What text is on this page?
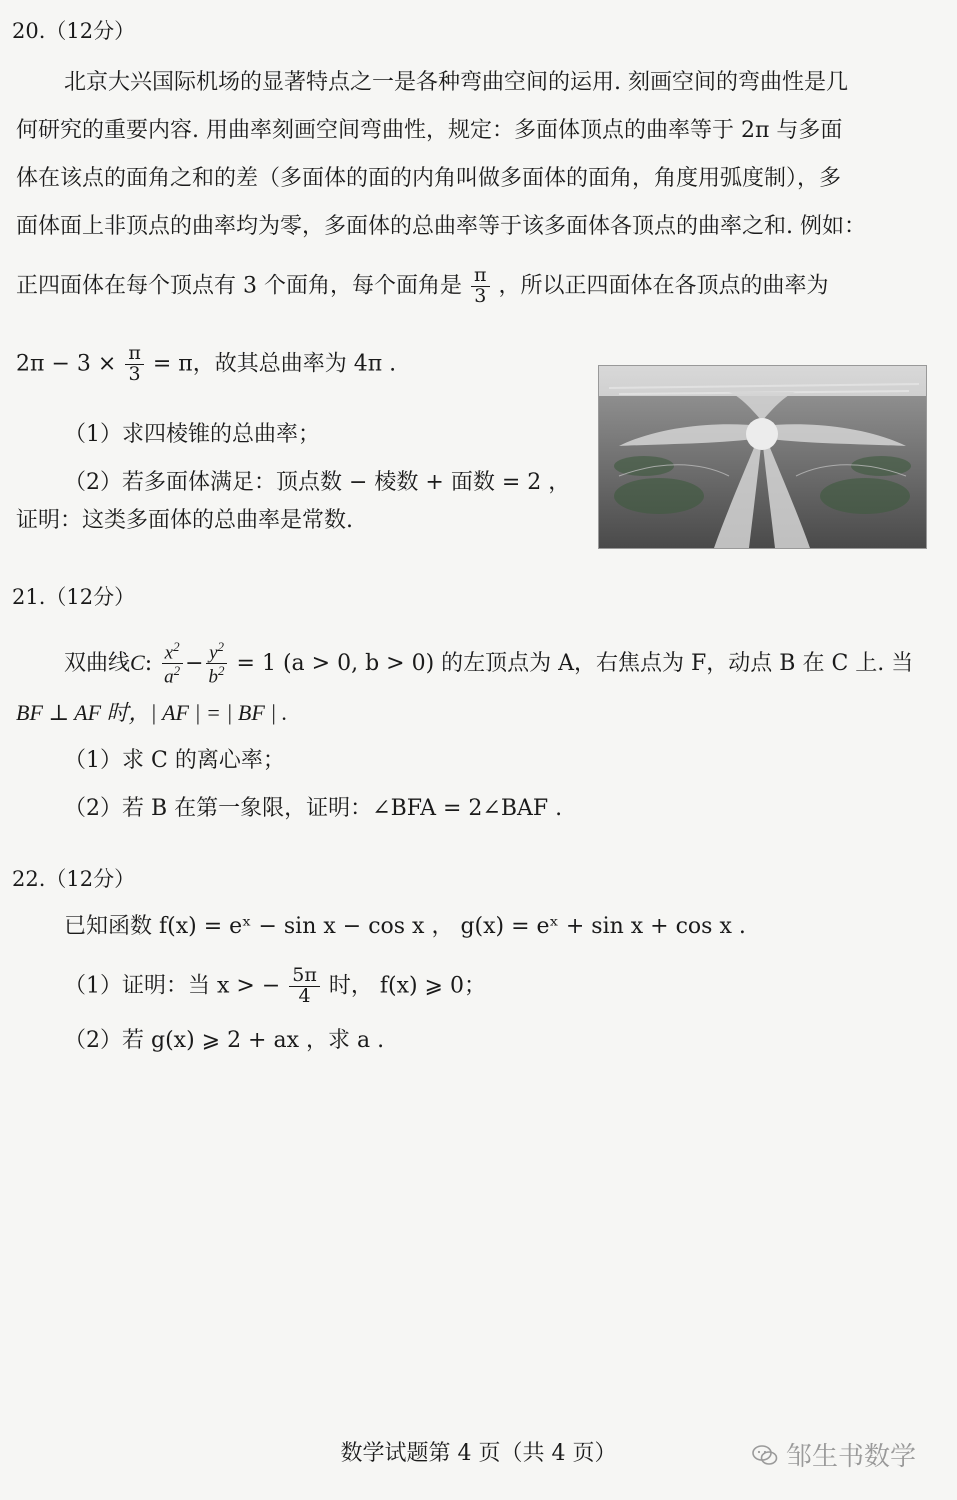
20.（12分）
北京大兴国际机场的显著特点之一是各种弯曲空间的运用. 刻画空间的弯曲性是几
何研究的重要内容. 用曲率刻画空间弯曲性，规定：多面体顶点的曲率等于 2π 与多面
体在该点的面角之和的差（多面体的面的内角叫做多面体的面角，角度用弧度制），多
面体面上非顶点的曲率均为零，多面体的总曲率等于该多面体各顶点的曲率之和. 例如：
正四面体在每个顶点有 3 个面角，每个面角是 $\frac{\pi}{3}$ ，所以正四面体在各顶点的曲率为
$2\pi - 3 \times \frac{\pi}{3} = \pi$，故其总曲率为 4π .
（1）求四棱锥的总曲率；
（2）若多面体满足：顶点数 − 棱数 + 面数 = 2 ，
证明：这类多面体的总曲率是常数.
21.（12分）
双曲线C: $\frac{x^2}{a^2} - \frac{y^2}{b^2} = 1$ (a > 0, b > 0) 的左顶点为 A，右焦点为 F，动点 B 在 C 上. 当
BF ⊥ AF 时，| AF | = | BF | .
（1）求 C 的离心率；
（2）若 B 在第一象限，证明：∠BFA = 2∠BAF .
22.（12分）
已知函数 f(x) = eˣ − sin x − cos x ， g(x) = eˣ + sin x + cos x .
（1）证明：当 x > − $\frac{5\pi}{4}$ 时， f(x) ⩾ 0；
（2）若 g(x) ⩾ 2 + ax ，求 a .
数学试题第 4 页（共 4 页）	邹生书数学
